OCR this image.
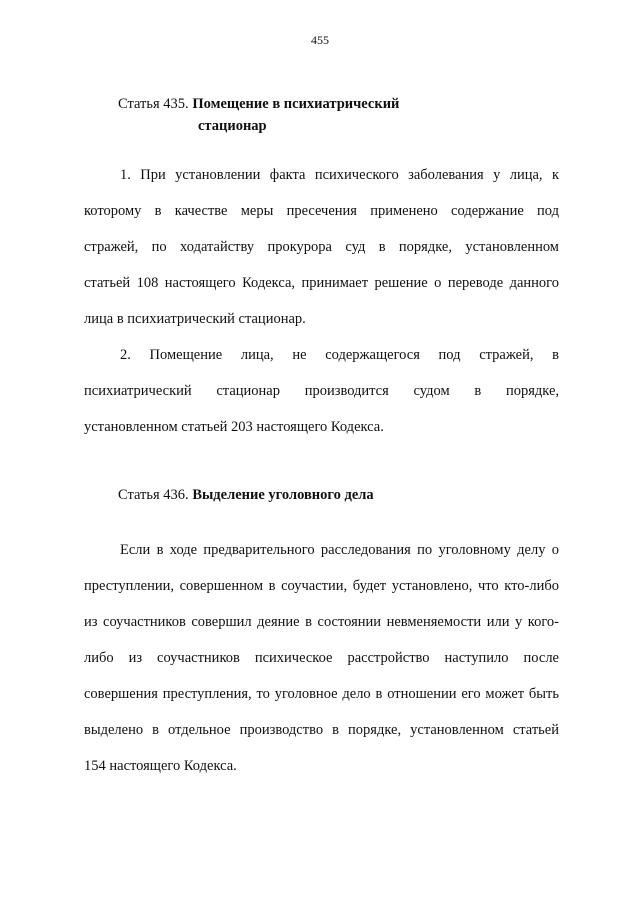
455
Статья 435. Помещение в психиатрический
стационар
1. При установлении факта психического заболевания у лица, к
которому в качестве меры пресечения применено содержание под
стражей, по ходатайству прокурора суд в порядке, установленном
статьей 108 настоящего Кодекса, принимает решение о переводе данного
лица в психиатрический стационар.
2. Помещение лица, не содержащегося под стражей, в
психиатрический стационар производится судом в порядке,
установленном статьей 203 настоящего Кодекса.
Статья 436. Выделение уголовного дела
Если в ходе предварительного расследования по уголовному делу о
преступлении, совершенном в соучастии, будет установлено, что кто-либо
из соучастников совершил деяние в состоянии невменяемости или у кого-
либо из соучастников психическое расстройство наступило после
совершения преступления, то уголовное дело в отношении его может быть
выделено в отдельное производство в порядке, установленном статьей
154 настоящего Кодекса.
